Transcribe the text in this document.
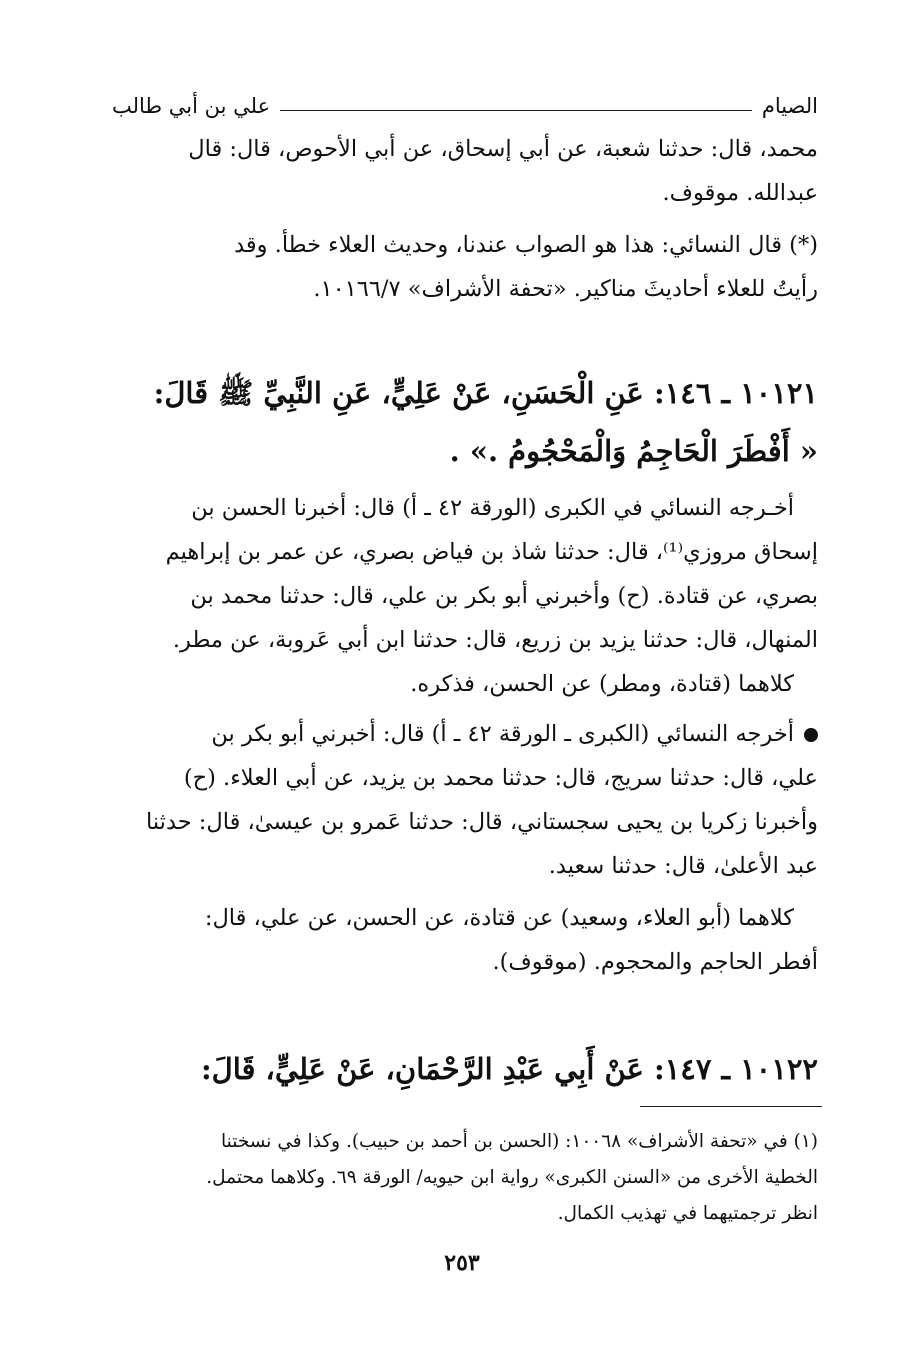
الصيام
علي بن أبي طالب
محمد، قال: حدثنا شعبة، عن أبي إسحاق، عن أبي الأحوص، قال: قال
عبدالله. موقوف.
(*) قال النسائي: هذا هو الصواب عندنا، وحديث العلاء خطأ. وقد
رأيتُ للعلاء أحاديثَ مناكير. «تحفة الأشراف» ١٠١٦٦/٧.
١٠١٢١ ـ ١٤٦: عَنِ الْحَسَنِ، عَنْ عَلِيٍّ، عَنِ النَّبِيِّ ﷺ قَالَ:
« أَفْطَرَ الْحَاجِمُ وَالْمَحْجُومُ .» .
أخـرجه النسائي في الكبرى (الورقة ٤٢ ـ أ) قال: أخبرنا الحسن بن
إسحاق مروزي⁽¹⁾، قال: حدثنا شاذ بن فياض بصري، عن عمر بن إبراهيم
بصري، عن قتادة. (ح) وأخبرني أبو بكر بن علي، قال: حدثنا محمد بن
المنهال، قال: حدثنا يزيد بن زريع، قال: حدثنا ابن أبي عَروبة، عن مطر.
كلاهما (قتادة، ومطر) عن الحسن، فذكره.
أخرجه النسائي (الكبرى ـ الورقة ٤٢ ـ أ) قال: أخبرني أبو بكر بن
علي، قال: حدثنا سريج، قال: حدثنا محمد بن يزيد، عن أبي العلاء. (ح)
وأخبرنا زكريا بن يحيى سجستاني، قال: حدثنا عَمرو بن عيسىٰ، قال: حدثنا
عبد الأعلىٰ، قال: حدثنا سعيد.
كلاهما (أبو العلاء، وسعيد) عن قتادة، عن الحسن، عن علي، قال:
أفطر الحاجم والمحجوم. (موقوف).
١٠١٢٢ ـ ١٤٧: عَنْ أَبِي عَبْدِ الرَّحْمَانِ، عَنْ عَلِيٍّ، قَالَ:
(١) في «تحفة الأشراف» ١٠٠٦٨: (الحسن بن أحمد بن حبيب). وكذا في نسختنا
الخطية الأخرى من «السنن الكبرى» رواية ابن حيويه/ الورقة ٦٩. وكلاهما محتمل.
انظر ترجمتيهما في تهذيب الكمال.
٢٥٣
